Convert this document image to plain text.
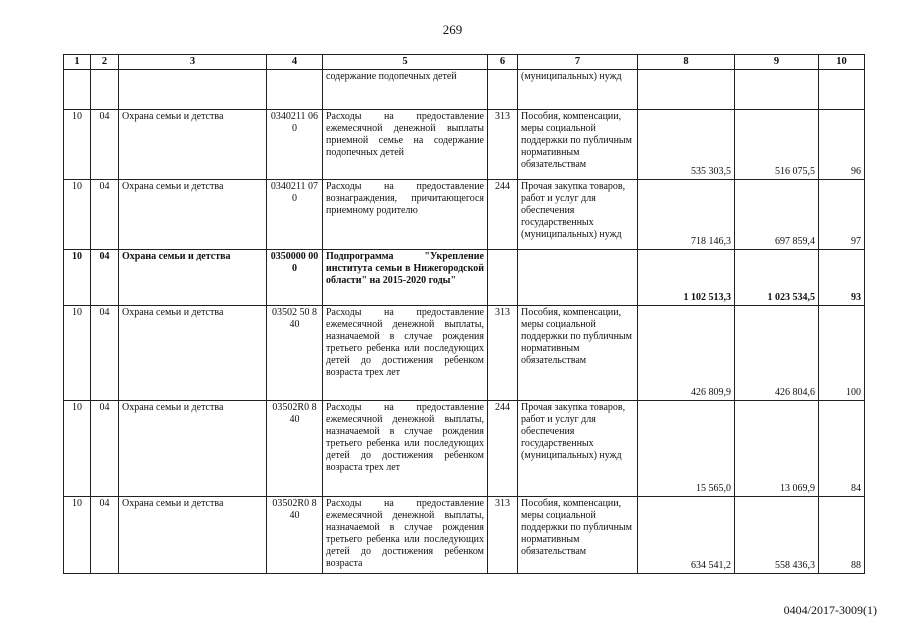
269
1	2	3	4	5	6	7	8	9	10
				содержание подопечных детей		(муниципальных) нужд			
10	04	Охрана семьи и детства	0340211 060	Расходы на предоставление ежемесячной денежной выплаты приемной семье на содержание подопечных детей	313	Пособия, компенсации, меры социальной поддержки по публичным нормативным обязательствам	535 303,5	516 075,5	96
10	04	Охрана семьи и детства	0340211 070	Расходы на предоставление вознаграждения, причитающегося приемному родителю	244	Прочая закупка товаров, работ и услуг для обеспечения государственных (муниципальных) нужд	718 146,3	697 859,4	97
10	04	Охрана семьи и детства	0350000 000	Подпрограмма "Укрепление института семьи в Нижегородской области" на 2015-2020 годы"			1 102 513,3	1 023 534,5	93
10	04	Охрана семьи и детства	03502 50 840	Расходы на предоставление ежемесячной денежной выплаты, назначаемой в случае рождения третьего ребенка или последующих детей до достижения ребенком возраста трех лет	313	Пособия, компенсации, меры социальной поддержки по публичным нормативным обязательствам	426 809,9	426 804,6	100
10	04	Охрана семьи и детства	03502R0 840	Расходы на предоставление ежемесячной денежной выплаты, назначаемой в случае рождения третьего ребенка или последующих детей до достижения ребенком возраста трех лет	244	Прочая закупка товаров, работ и услуг для обеспечения государственных (муниципальных) нужд	15 565,0	13 069,9	84
10	04	Охрана семьи и детства	03502R0 840	Расходы на предоставление ежемесячной денежной выплаты, назначаемой в случае рождения третьего ребенка или последующих детей до достижения ребенком возраста	313	Пособия, компенсации, меры социальной поддержки по публичным нормативным обязательствам	634 541,2	558 436,3	88
0404/2017-3009(1)
